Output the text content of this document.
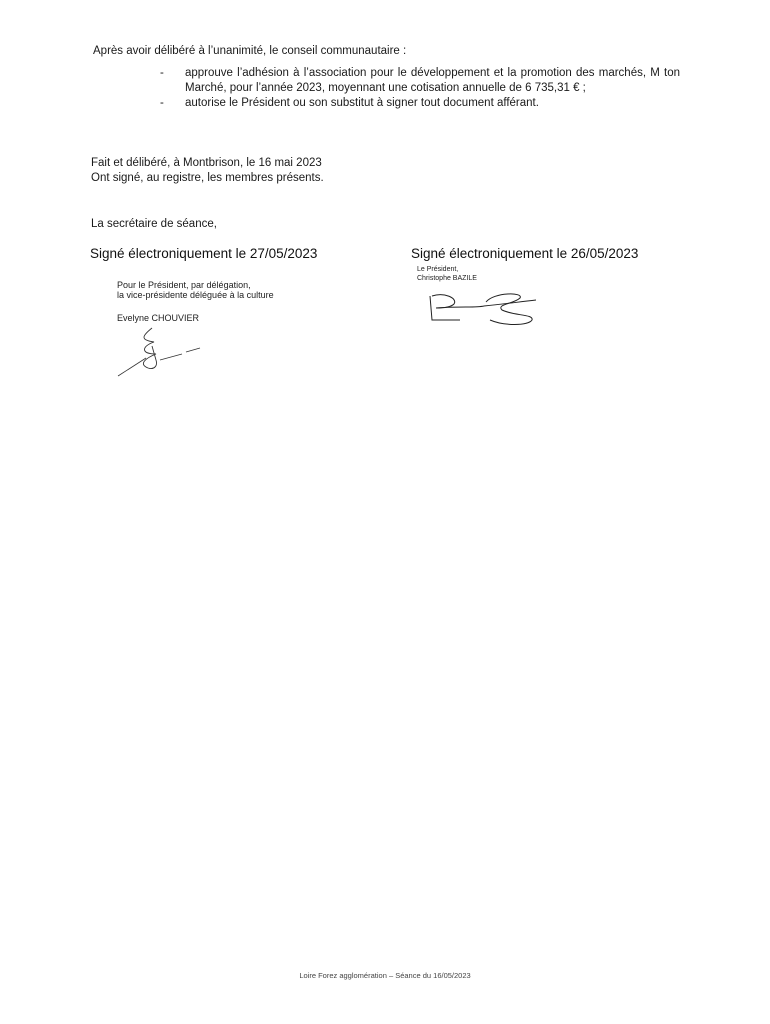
Après avoir délibéré à l’unanimité, le conseil communautaire :
- approuve l’adhésion à l’association pour le développement et la promotion des marchés, M ton Marché, pour l’année 2023, moyennant une cotisation annuelle de 6 735,31 € ;
- autorise le Président ou son substitut à signer tout document afférant.
Fait et délibéré, à Montbrison, le 16 mai 2023
Ont signé, au registre, les membres présents.
La secrétaire de séance,
Signé électroniquement le 27/05/2023	Signé électroniquement le 26/05/2023
Pour le Président, par délégation,
la vice-présidente déléguée à la culture
Evelyne CHOUVIER
Le Président,
Christophe BAZILE
Loire Forez agglomération – Séance du 16/05/2023
